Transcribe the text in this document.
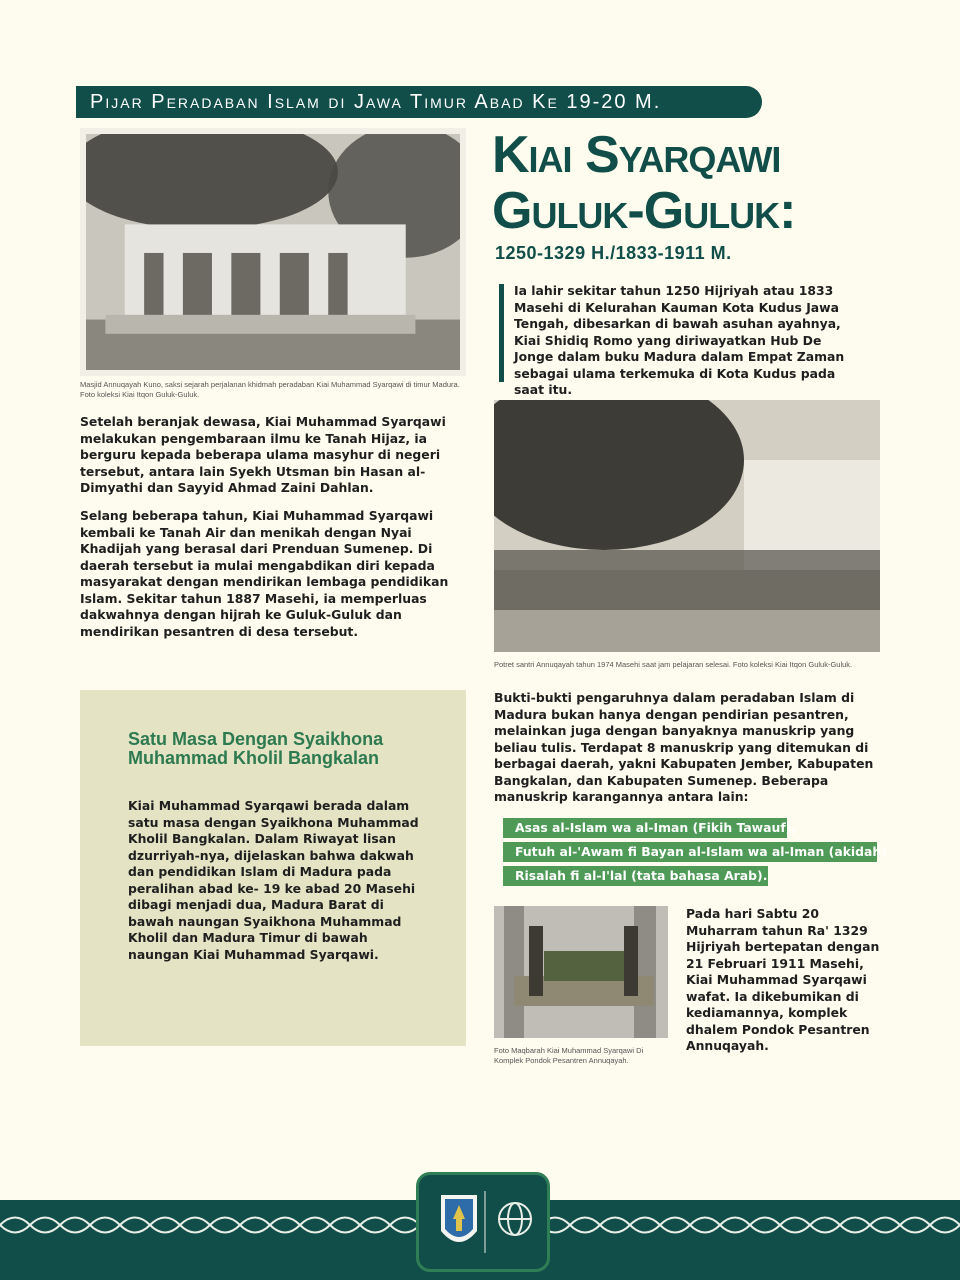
Pijar Peradaban Islam di Jawa Timur Abad Ke 19-20 M.
Masjid Annuqayah Kuno, saksi sejarah perjalanan khidmah peradaban Kiai Muhammad Syarqawi di timur Madura. Foto koleksi Kiai Itqon Guluk-Guluk.
Kiai Syarqawi
Guluk-Guluk:
1250-1329 H./1833-1911 M.
Ia lahir sekitar tahun 1250 Hijriyah atau 1833 Masehi di Kelurahan Kauman Kota Kudus Jawa Tengah, dibesarkan di bawah asuhan ayahnya, Kiai Shidiq Romo yang diriwayatkan Hub De Jonge dalam buku Madura dalam Empat Zaman sebagai ulama terkemuka di Kota Kudus pada saat itu.
Setelah beranjak dewasa, Kiai Muhammad Syarqawi melakukan pengembaraan ilmu ke Tanah Hijaz, ia berguru kepada beberapa ulama masyhur di negeri tersebut, antara lain Syekh Utsman bin Hasan al-Dimyathi dan Sayyid Ahmad Zaini Dahlan.
Selang beberapa tahun, Kiai Muhammad Syarqawi kembali ke Tanah Air dan menikah dengan Nyai Khadijah yang berasal dari Prenduan Sumenep. Di daerah tersebut ia mulai mengabdikan diri kepada masyarakat dengan mendirikan lembaga pendidikan Islam. Sekitar tahun 1887 Masehi, ia memperluas dakwahnya dengan hijrah ke Guluk-Guluk dan mendirikan pesantren di desa tersebut.
Potret santri Annuqayah tahun 1974 Masehi saat jam pelajaran selesai. Foto koleksi Kiai Itqon Guluk-Guluk.
Satu Masa Dengan Syaikhona Muhammad Kholil Bangkalan
Kiai Muhammad Syarqawi berada dalam satu masa dengan Syaikhona Muhammad Kholil Bangkalan. Dalam Riwayat lisan dzurriyah-nya, dijelaskan bahwa dakwah dan pendidikan Islam di Madura pada peralihan abad ke- 19 ke abad 20 Masehi dibagi menjadi dua, Madura Barat di bawah naungan Syaikhona Muhammad Kholil dan Madura Timur di bawah naungan Kiai Muhammad Syarqawi.
Bukti-bukti pengaruhnya dalam peradaban Islam di Madura bukan hanya dengan pendirian pesantren, melainkan juga dengan banyaknya manuskrip yang beliau tulis. Terdapat 8 manuskrip yang ditemukan di berbagai daerah, yakni Kabupaten Jember, Kabupaten Bangkalan, dan Kabupaten Sumenep. Beberapa manuskrip karangannya antara lain:
Asas al-Islam wa al-Iman (Fikih Tawauf),
Futuh al-'Awam fi Bayan al-Islam wa al-Iman (akidah)
Risalah fi al-I'lal (tata bahasa Arab).
Foto Maqbarah Kiai Muhammad Syarqawi Di Komplek Pondok Pesantren Annuqayah.
Pada hari Sabtu 20 Muharram tahun Ra' 1329 Hijriyah bertepatan dengan 21 Februari 1911 Masehi, Kiai Muhammad Syarqawi wafat. Ia dikebumikan di kediamannya, komplek dhalem Pondok Pesantren Annuqayah.
